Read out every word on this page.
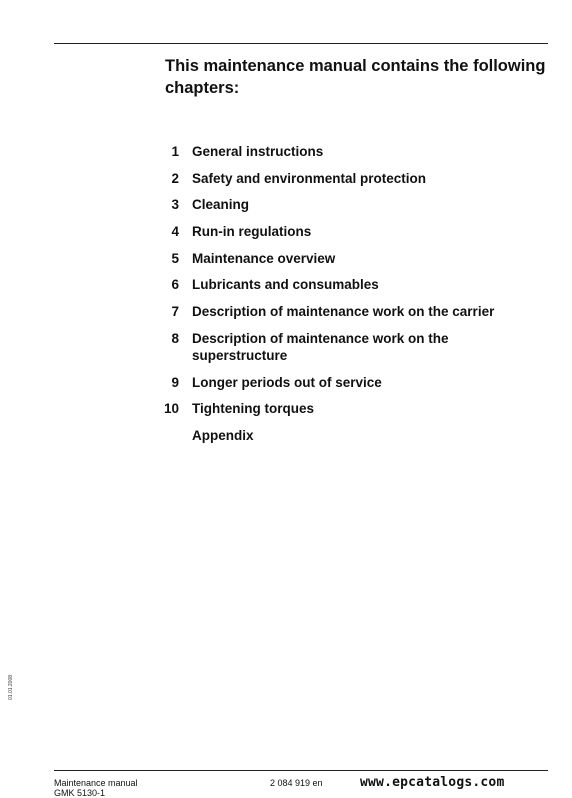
This maintenance manual contains the following chapters:
1 General instructions
2 Safety and environmental protection
3 Cleaning
4 Run-in regulations
5 Maintenance overview
6 Lubricants and consumables
7 Description of maintenance work on the carrier
8 Description of maintenance work on the superstructure
9 Longer periods out of service
10 Tightening torques
Appendix
01.01.2008
Maintenance manual
GMK 5130-1
2 084 919 en	www.epcatalogs.com
